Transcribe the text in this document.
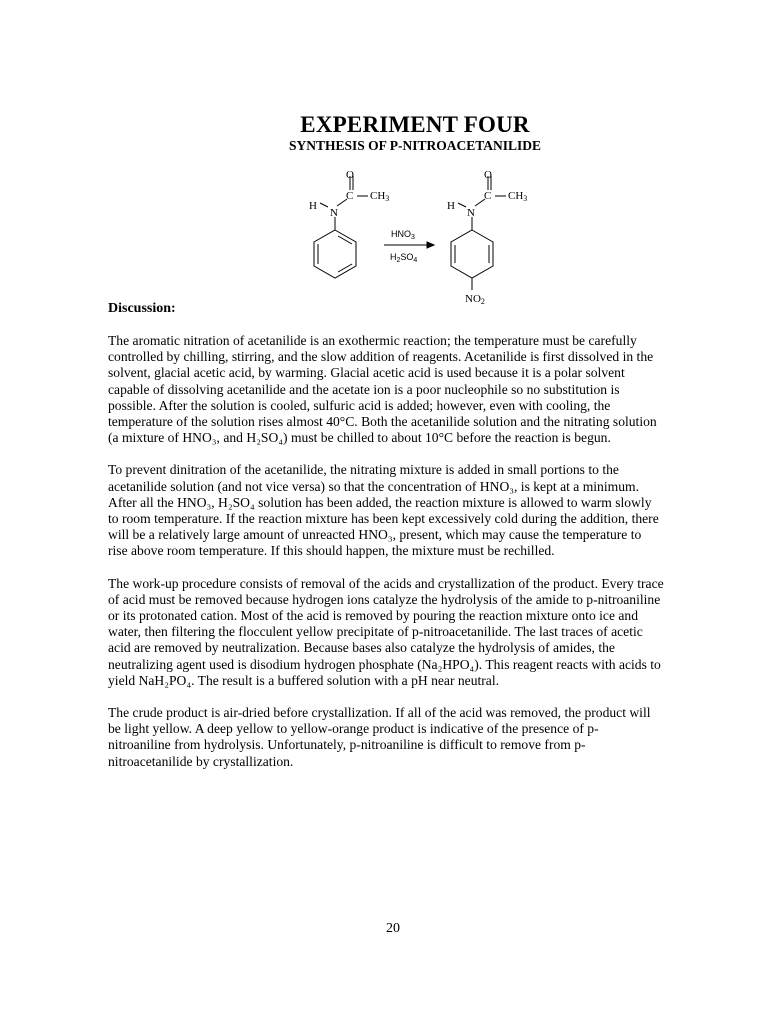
EXPERIMENT FOUR
SYNTHESIS OF P-NITROACETANILIDE
O
C CH3
H
N
O
C CH3
H
N
NO2
$HNO_3$
$H_2SO_4$
Discussion:

The aromatic nitration of acetanilide is an exothermic reaction; the temperature must be carefully
controlled by chilling, stirring, and the slow addition of reagents. Acetanilide is first dissolved in the
solvent, glacial acetic acid, by warming. Glacial acetic acid is used because it is a polar solvent
capable of dissolving acetanilide and the acetate ion is a poor nucleophile so no substitution is
possible. After the solution is cooled, sulfuric acid is added; however, even with cooling, the
temperature of the solution rises almost 40°C. Both the acetanilide solution and the nitrating solution
(a mixture of HNO₃, and H₂SO₄) must be chilled to about 10°C before the reaction is begun.

To prevent dinitration of the acetanilide, the nitrating mixture is added in small portions to the
acetanilide solution (and not vice versa) so that the concentration of HNO₃, is kept at a minimum.
After all the HNO₃, H₂SO₄ solution has been added, the reaction mixture is allowed to warm slowly
to room temperature. If the reaction mixture has been kept excessively cold during the addition, there
will be a relatively large amount of unreacted HNO₃, present, which may cause the temperature to
rise above room temperature. If this should happen, the mixture must be rechilled.

The work-up procedure consists of removal of the acids and crystallization of the product. Every trace
of acid must be removed because hydrogen ions catalyze the hydrolysis of the amide to p-nitroaniline
or its protonated cation. Most of the acid is removed by pouring the reaction mixture onto ice and
water, then filtering the flocculent yellow precipitate of p-nitroacetanilide. The last traces of acetic
acid are removed by neutralization. Because bases also catalyze the hydrolysis of amides, the
neutralizing agent used is disodium hydrogen phosphate (Na₂HPO₄). This reagent reacts with acids to
yield NaH₂PO₄. The result is a buffered solution with a pH near neutral.

The crude product is air-dried before crystallization. If all of the acid was removed, the product will
be light yellow. A deep yellow to yellow-orange product is indicative of the presence of p-
nitroaniline from hydrolysis. Unfortunately, p-nitroaniline is difficult to remove from p-
nitroacetanilide by crystallization.

20
